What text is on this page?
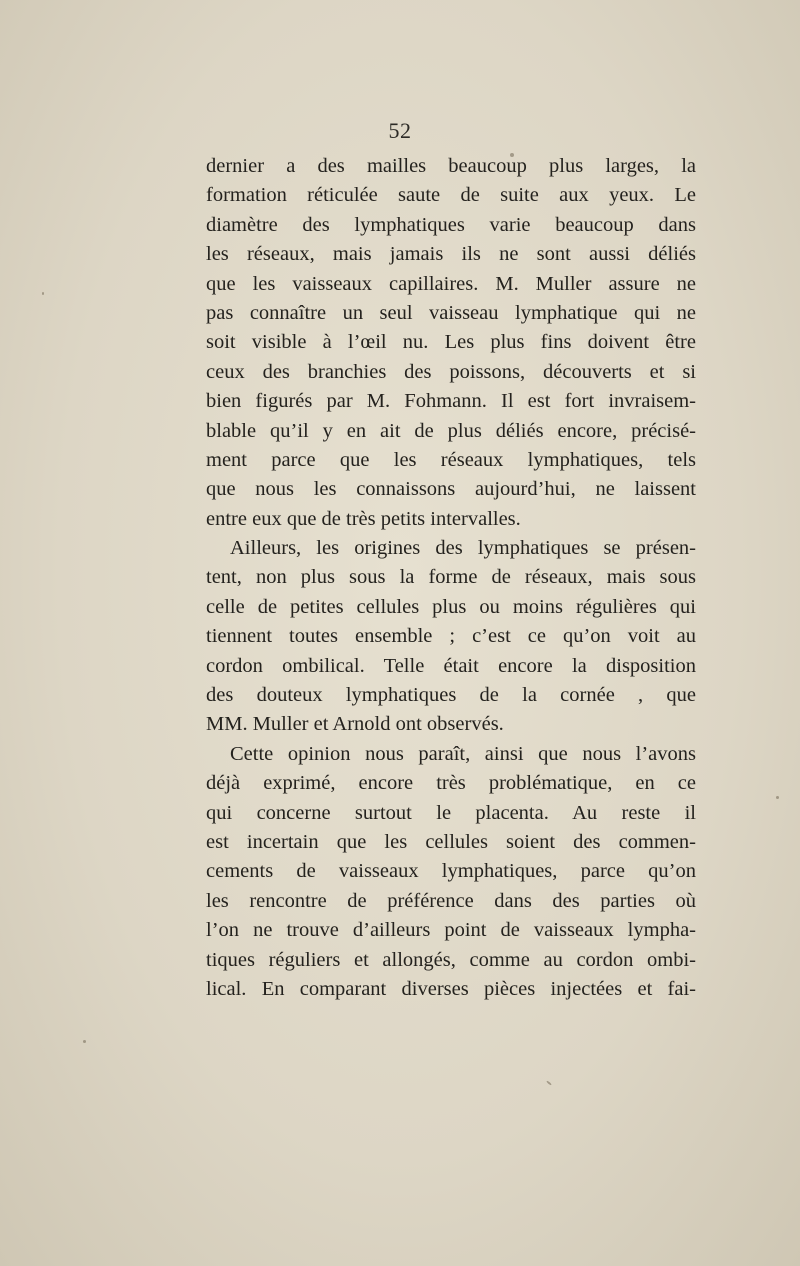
52
dernier a des mailles beaucoup plus larges, la
formation réticulée saute de suite aux yeux. Le
diamètre des lymphatiques varie beaucoup dans
les réseaux, mais jamais ils ne sont aussi déliés
que les vaisseaux capillaires. M. Muller assure ne
pas connaître un seul vaisseau lymphatique qui ne
soit visible à l’œil nu. Les plus fins doivent être
ceux des branchies des poissons, découverts et si
bien figurés par M. Fohmann. Il est fort invraisem-
blable qu’il y en ait de plus déliés encore, précisé-
ment parce que les réseaux lymphatiques, tels
que nous les connaissons aujourd’hui, ne laissent
entre eux que de très petits intervalles.
Ailleurs, les origines des lymphatiques se présen-
tent, non plus sous la forme de réseaux, mais sous
celle de petites cellules plus ou moins régulières qui
tiennent toutes ensemble ; c’est ce qu’on voit au
cordon ombilical. Telle était encore la disposition
des douteux lymphatiques de la cornée , que
MM. Muller et Arnold ont observés.
Cette opinion nous paraît, ainsi que nous l’avons
déjà exprimé, encore très problématique, en ce
qui concerne surtout le placenta. Au reste il
est incertain que les cellules soient des commen-
cements de vaisseaux lymphatiques, parce qu’on
les rencontre de préférence dans des parties où
l’on ne trouve d’ailleurs point de vaisseaux lympha-
tiques réguliers et allongés, comme au cordon ombi-
lical. En comparant diverses pièces injectées et fai-
